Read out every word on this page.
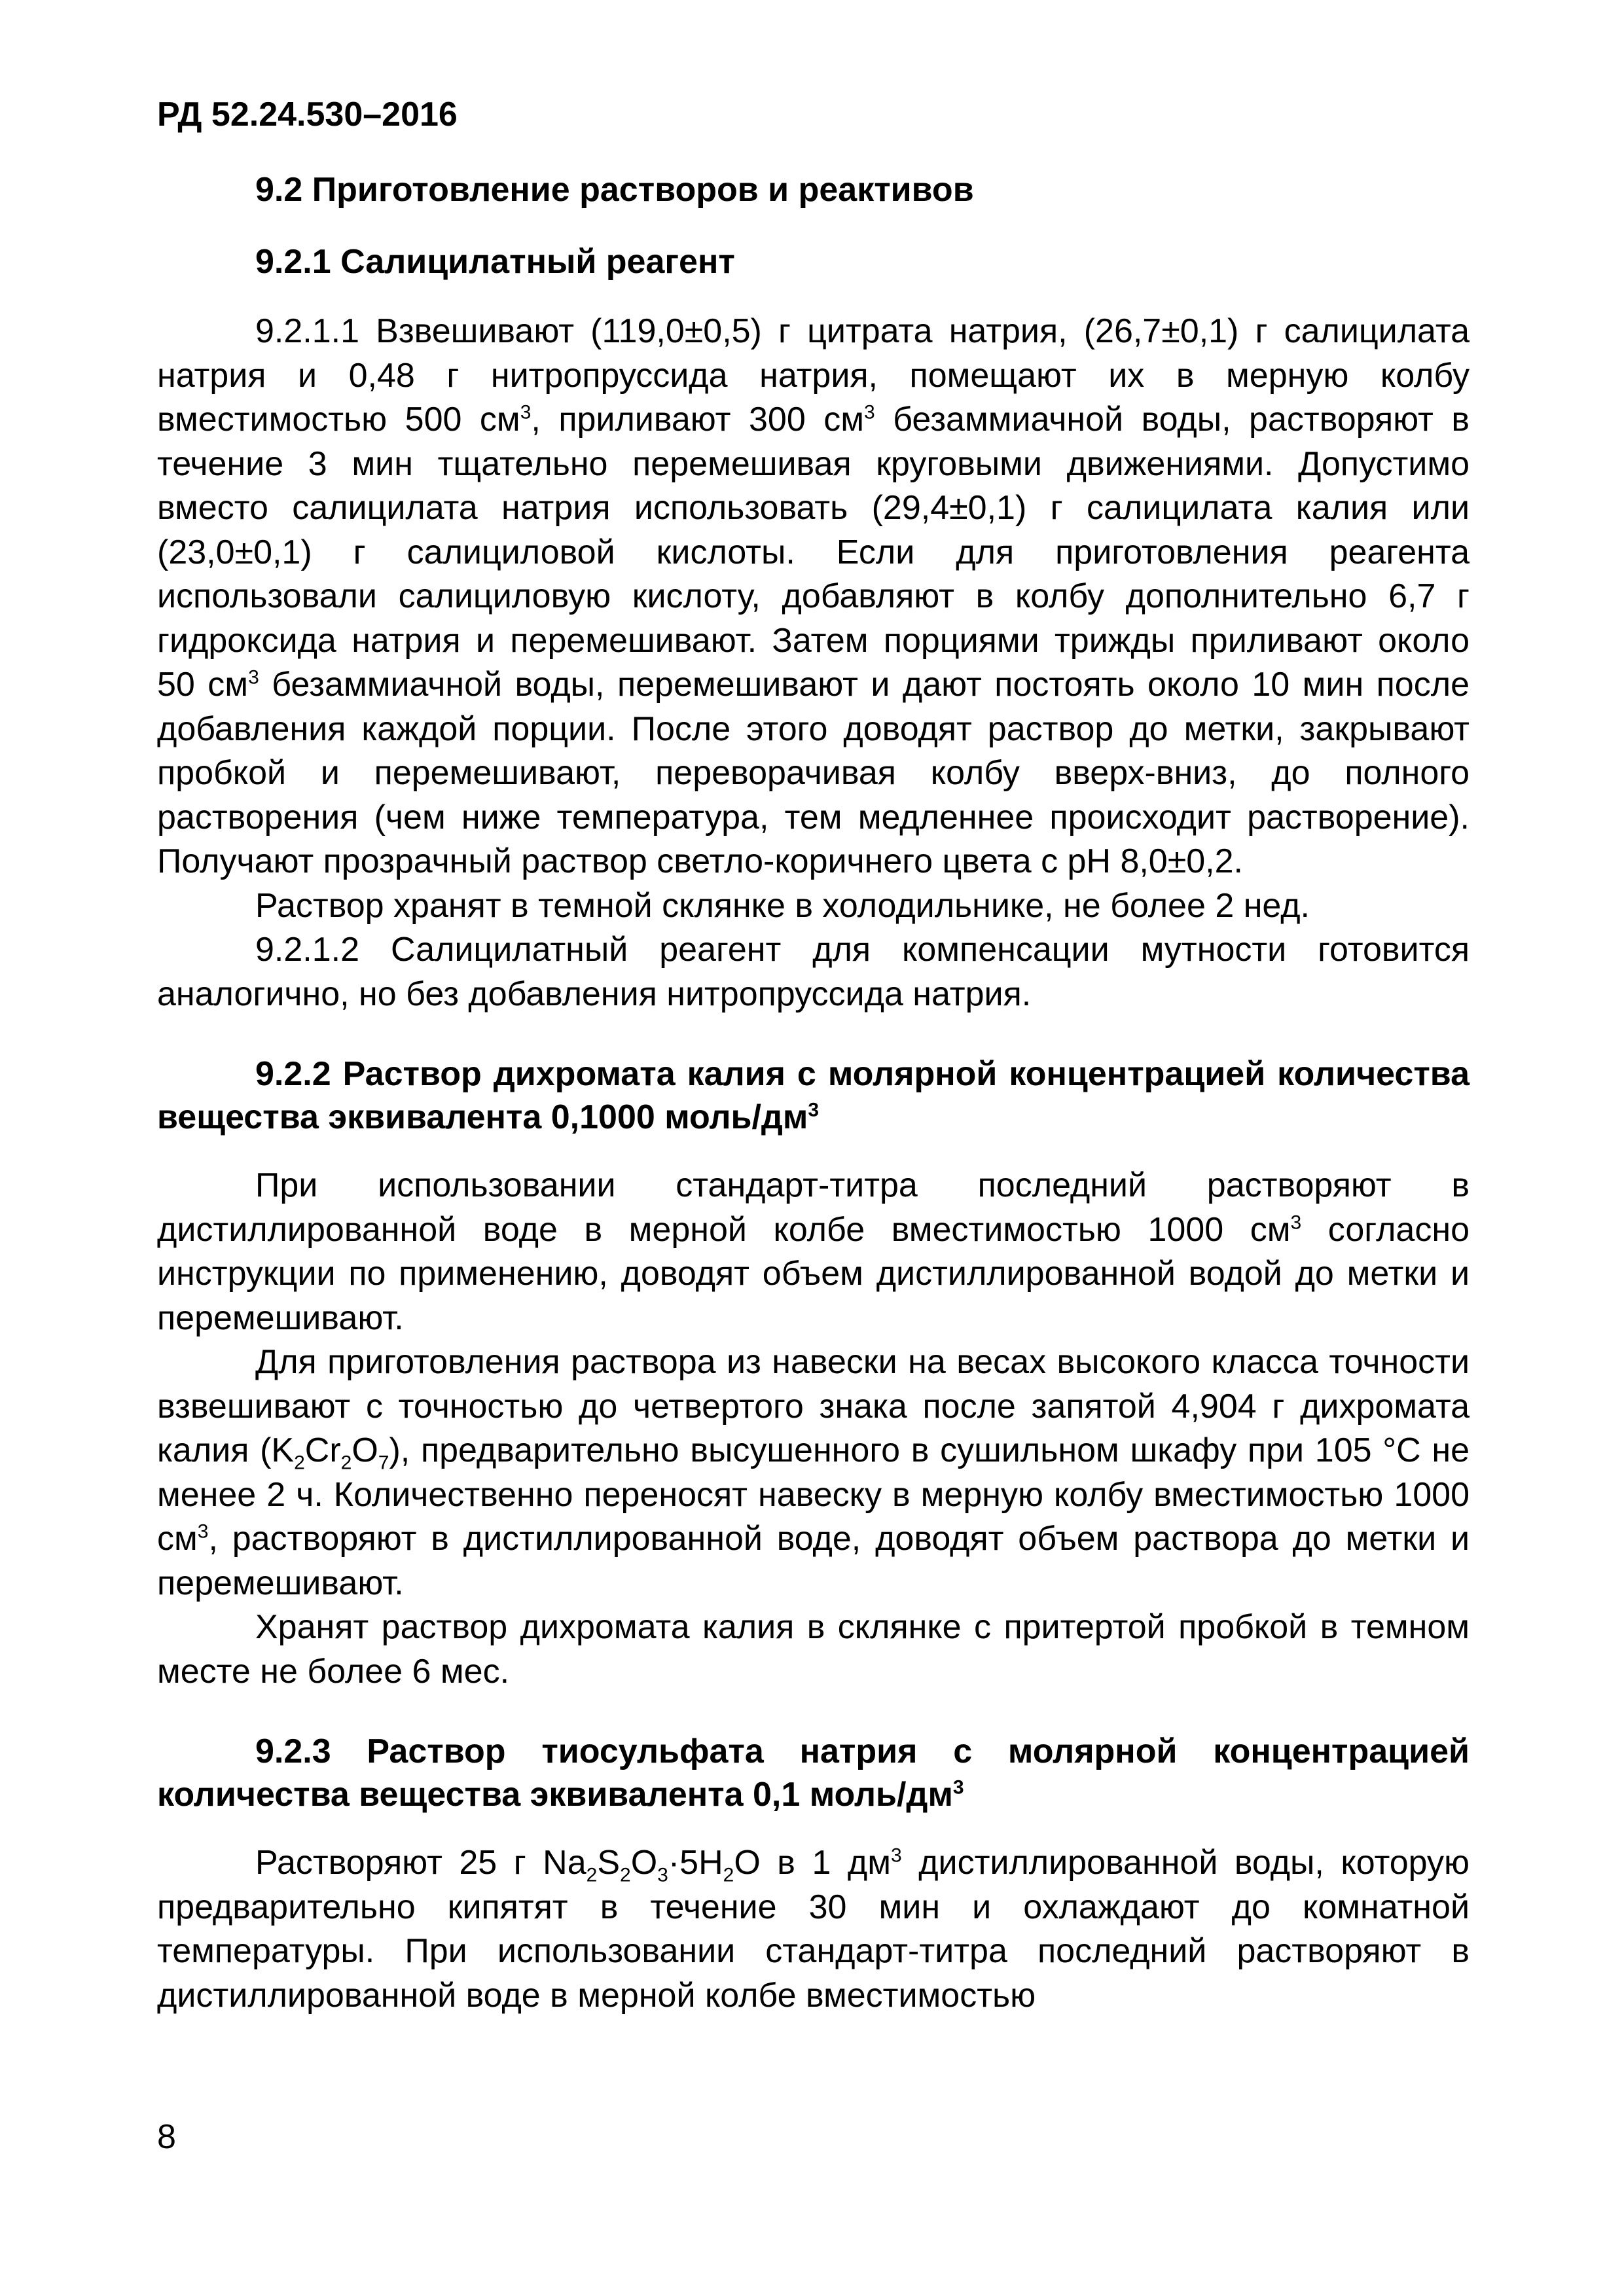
РД 52.24.530–2016
9.2 Приготовление растворов и реактивов
9.2.1 Салицилатный реагент

9.2.1.1 Взвешивают (119,0±0,5) г цитрата натрия, (26,7±0,1) г салицилата натрия и 0,48 г нитропруссида натрия, помещают их в мерную колбу вместимостью 500 $см^3$, приливают 300 $см^3$ безаммиачной воды, растворяют в течение 3 мин тщательно перемешивая круговыми движениями. Допустимо вместо салицилата натрия использовать (29,4±0,1) г салицилата калия или (23,0±0,1) г салициловой кислоты. Если для приготовления реагента использовали салициловую кислоту, добавляют в колбу дополнительно 6,7 г гидроксида натрия и перемешивают. Затем порциями трижды приливают около 50 $см^3$ безаммиачной воды, перемешивают и дают постоять около 10 мин после добавления каждой порции. После этого доводят раствор до метки, закрывают пробкой и перемешивают, переворачивая колбу вверх-вниз, до полного растворения (чем ниже температура, тем медленнее происходит растворение). Получают прозрачный раствор светло-коричнего цвета с рН 8,0±0,2.

Раствор хранят в темной склянке в холодильнике, не более 2 нед.

9.2.1.2 Салицилатный реагент для компенсации мутности готовится аналогично, но без добавления нитропруссида натрия.

9.2.2 Раствор дихромата калия с молярной концентрацией количества вещества эквивалента 0,1000 моль/$дм^3$

При использовании стандарт-титра последний растворяют в дистиллированной воде в мерной колбе вместимостью 1000 $см^3$ согласно инструкции по применению, доводят объем дистиллированной водой до метки и перемешивают.

Для приготовления раствора из навески на весах высокого класса точности взвешивают с точностью до четвертого знака после запятой 4,904 г дихромата калия $(K_2Cr_2O_7)$, предварительно высушенного в сушильном шкафу при 105 °С не менее 2 ч. Количественно переносят навеску в мерную колбу вместимостью 1000 $см^3$, растворяют в дистиллированной воде, доводят объем раствора до метки и перемешивают.

Хранят раствор дихромата калия в склянке с притертой пробкой в темном месте не более 6 мес.

9.2.3 Раствор тиосульфата натрия с молярной концентрацией количества вещества эквивалента 0,1 моль/$дм^3$

Растворяют 25 г $Na_2S_2O_3\cdot 5H_2O$ в 1 $дм^3$ дистиллированной воды, которую предварительно кипятят в течение 30 мин и охлаждают до комнатной температуры. При использовании стандарт-титра последний растворяют в дистиллированной воде в мерной колбе вместимостью

8
